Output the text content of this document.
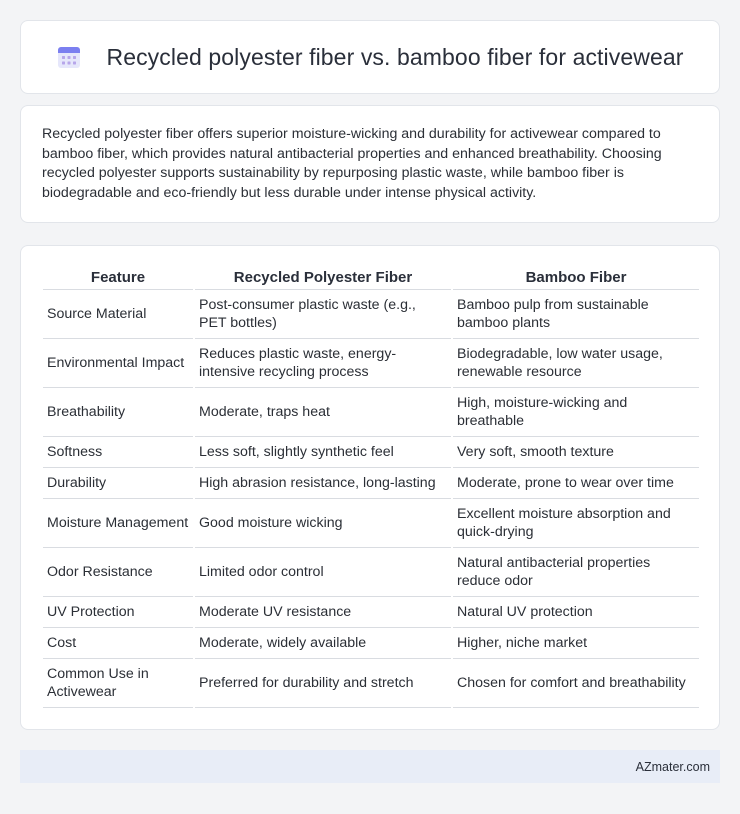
Recycled polyester fiber vs. bamboo fiber for activewear

Recycled polyester fiber offers superior moisture-wicking and durability for activewear compared to bamboo fiber, which provides natural antibacterial properties and enhanced breathability. Choosing recycled polyester supports sustainability by repurposing plastic waste, while bamboo fiber is biodegradable and eco-friendly but less durable under intense physical activity.

Feature	Recycled Polyester Fiber	Bamboo Fiber
Source Material	Post-consumer plastic waste (e.g., PET bottles)	Bamboo pulp from sustainable bamboo plants
Environmental Impact	Reduces plastic waste, energy-intensive recycling process	Biodegradable, low water usage, renewable resource
Breathability	Moderate, traps heat	High, moisture-wicking and breathable
Softness	Less soft, slightly synthetic feel	Very soft, smooth texture
Durability	High abrasion resistance, long-lasting	Moderate, prone to wear over time
Moisture Management	Good moisture wicking	Excellent moisture absorption and quick-drying
Odor Resistance	Limited odor control	Natural antibacterial properties reduce odor
UV Protection	Moderate UV resistance	Natural UV protection
Cost	Moderate, widely available	Higher, niche market
Common Use in Activewear	Preferred for durability and stretch	Chosen for comfort and breathability
AZmater.com
